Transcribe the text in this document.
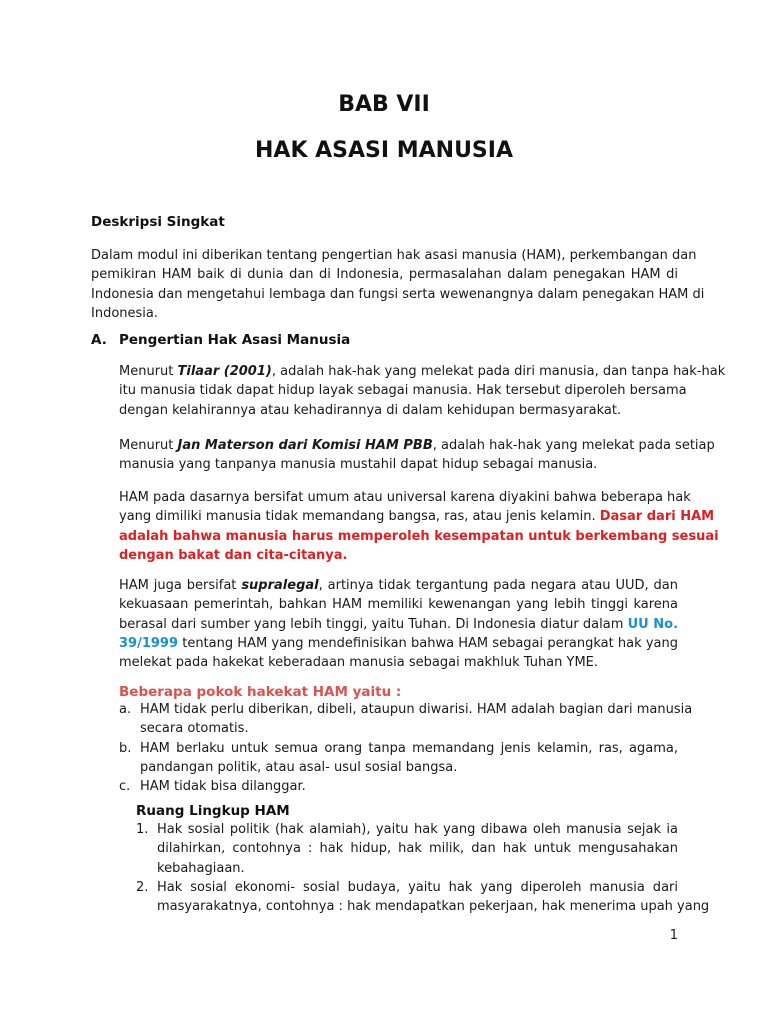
BAB VII
HAK ASASI MANUSIA
Deskripsi Singkat
Dalam modul ini diberikan tentang pengertian hak asasi manusia (HAM), perkembangan dan
pemikiran HAM baik di dunia dan di Indonesia, permasalahan dalam penegakan HAM di
Indonesia dan mengetahui lembaga dan fungsi serta wewenangnya dalam penegakan HAM di
Indonesia.
A. Pengertian Hak Asasi Manusia
Menurut Tilaar (2001), adalah hak-hak yang melekat pada diri manusia, dan tanpa hak-hak
itu manusia tidak dapat hidup layak sebagai manusia. Hak tersebut diperoleh bersama
dengan kelahirannya atau kehadirannya di dalam kehidupan bermasyarakat.
Menurut Jan Materson dari Komisi HAM PBB, adalah hak-hak yang melekat pada setiap
manusia yang tanpanya manusia mustahil dapat hidup sebagai manusia.
HAM pada dasarnya bersifat umum atau universal karena diyakini bahwa beberapa hak
yang dimiliki manusia tidak memandang bangsa, ras, atau jenis kelamin. Dasar dari HAM
adalah bahwa manusia harus memperoleh kesempatan untuk berkembang sesuai
dengan bakat dan cita-citanya.
HAM juga bersifat supralegal, artinya tidak tergantung pada negara atau UUD, dan
kekuasaan pemerintah, bahkan HAM memiliki kewenangan yang lebih tinggi karena
berasal dari sumber yang lebih tinggi, yaitu Tuhan. Di Indonesia diatur dalam UU No.
39/1999 tentang HAM yang mendefinisikan bahwa HAM sebagai perangkat hak yang
melekat pada hakekat keberadaan manusia sebagai makhluk Tuhan YME.
Beberapa pokok hakekat HAM yaitu :
a. HAM tidak perlu diberikan, dibeli, ataupun diwarisi. HAM adalah bagian dari manusia
secara otomatis.
b. HAM berlaku untuk semua orang tanpa memandang jenis kelamin, ras, agama,
pandangan politik, atau asal- usul sosial bangsa.
c. HAM tidak bisa dilanggar.
Ruang Lingkup HAM
1. Hak sosial politik (hak alamiah), yaitu hak yang dibawa oleh manusia sejak ia
dilahirkan, contohnya : hak hidup, hak milik, dan hak untuk mengusahakan
kebahagiaan.
2. Hak sosial ekonomi- sosial budaya, yaitu hak yang diperoleh manusia dari
masyarakatnya, contohnya : hak mendapatkan pekerjaan, hak menerima upah yang
1
